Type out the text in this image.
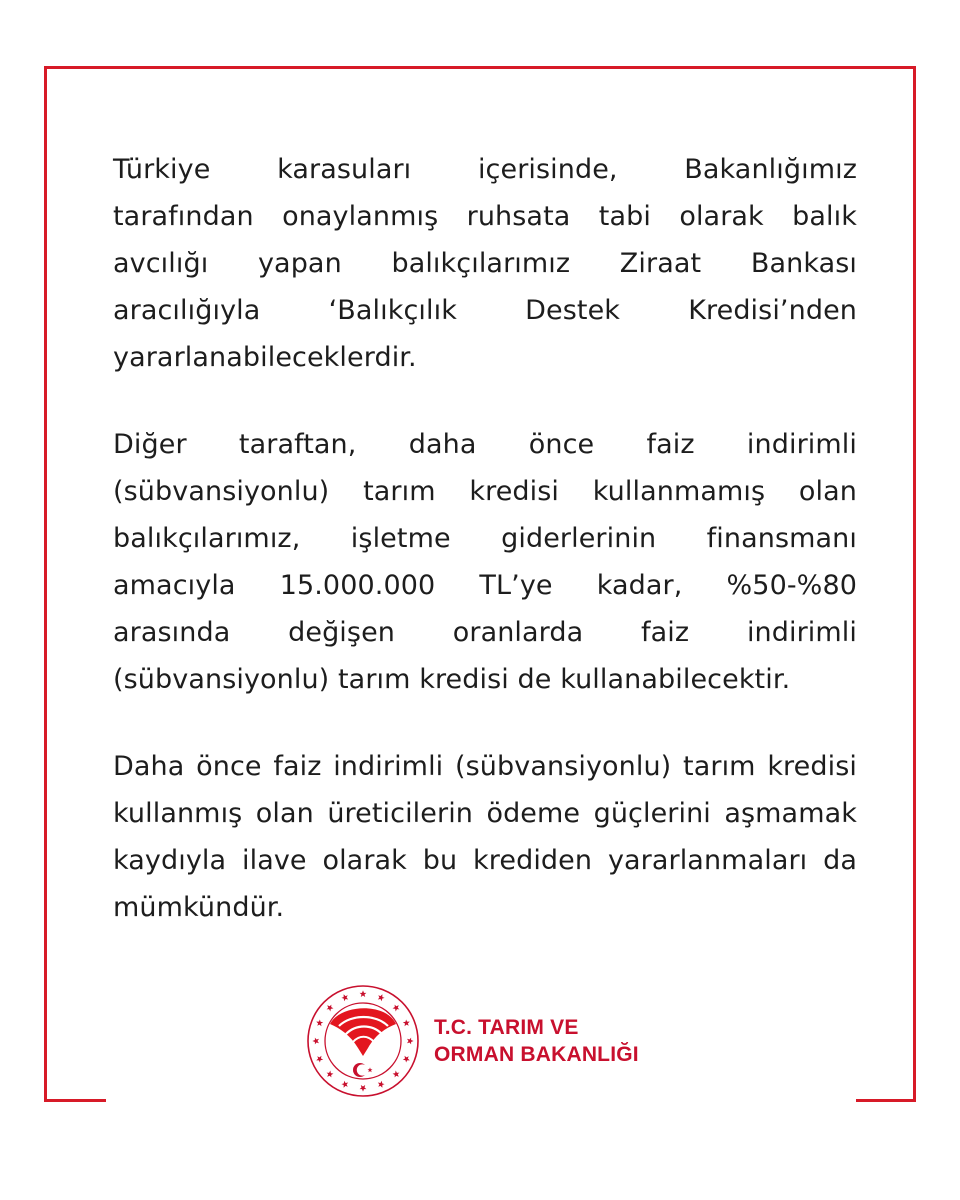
Türkiye karasuları içerisinde, Bakanlığımız
tarafından onaylanmış ruhsata tabi olarak balık
avcılığı yapan balıkçılarımız Ziraat Bankası
aracılığıyla ‘Balıkçılık Destek Kredisi’nden
yararlanabileceklerdir.

Diğer taraftan, daha önce faiz indirimli
(sübvansiyonlu) tarım kredisi kullanmamış olan
balıkçılarımız, işletme giderlerinin finansmanı
amacıyla 15.000.000 TL’ye kadar, %50-%80
arasında değişen oranlarda faiz indirimli
(sübvansiyonlu) tarım kredisi de kullanabilecektir.

Daha önce faiz indirimli (sübvansiyonlu) tarım kredisi
kullanmış olan üreticilerin ödeme güçlerini aşmamak
kaydıyla ilave olarak bu krediden yararlanmaları da
mümkündür.

T.C. TARIM VE
ORMAN BAKANLIĞI
